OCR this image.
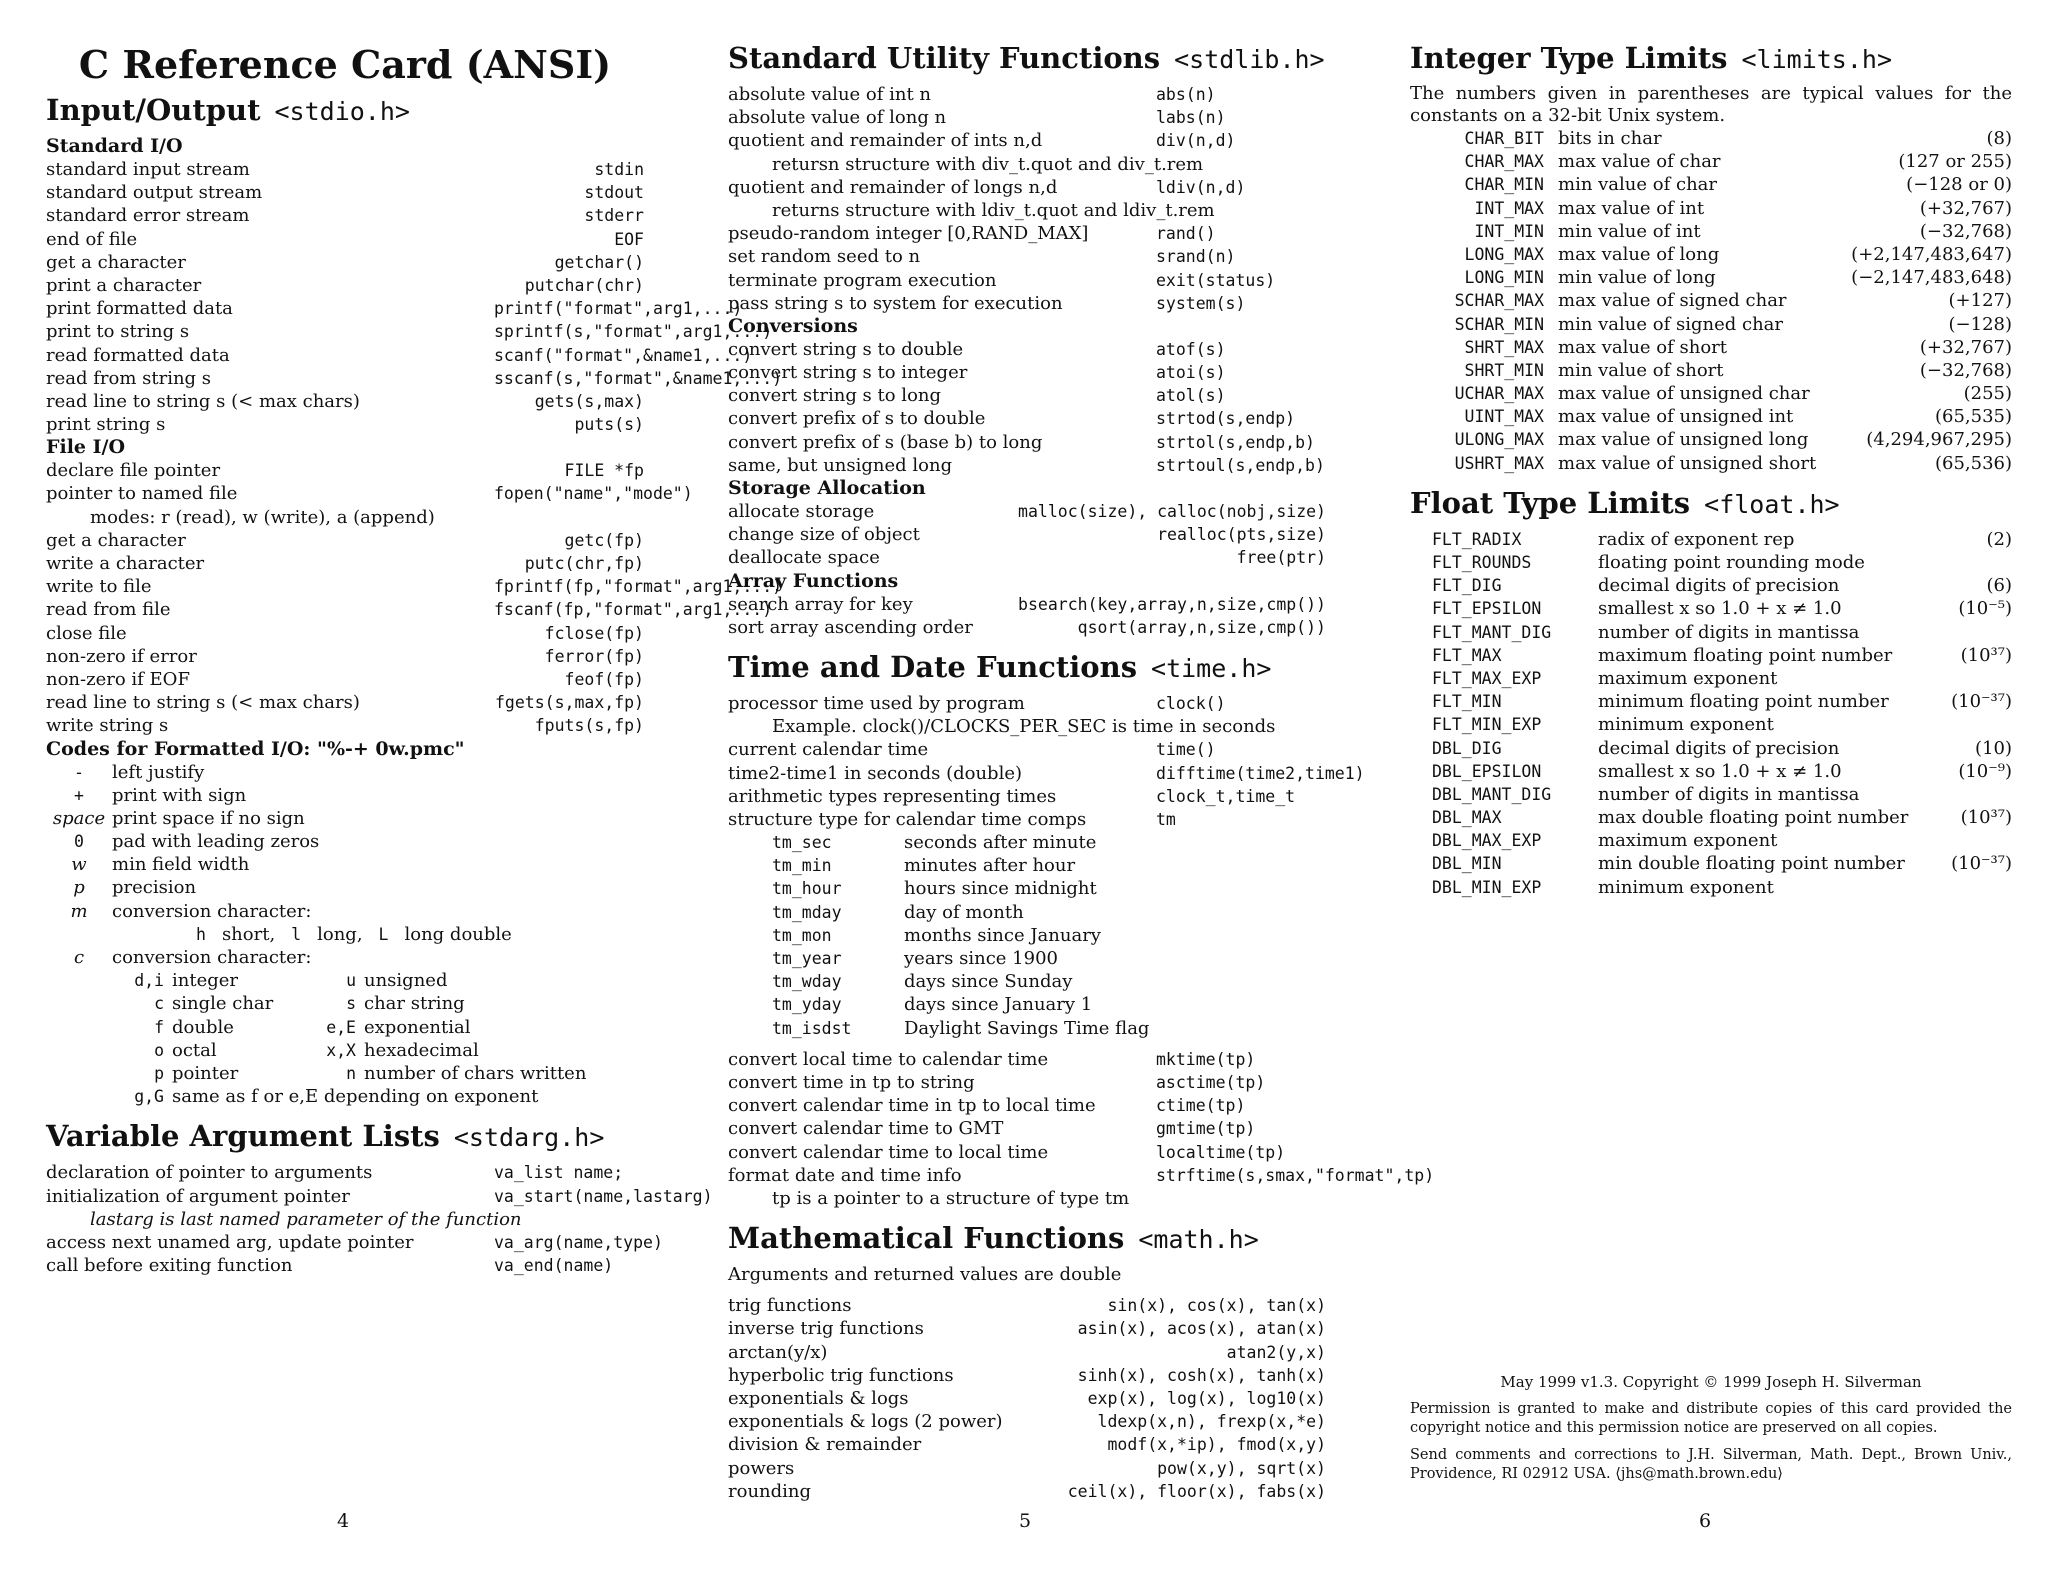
C Reference Card (ANSI)
Input/Output <stdio.h>
Standard I/O
standard input stream	stdin
standard output stream	stdout
standard error stream	stderr
end of file	EOF
get a character	getchar()
print a character	putchar(chr)
print formatted data	printf("format",arg1,...)
print to string s	sprintf(s,"format",arg1,...)
read formatted data	scanf("format",&name1,...)
read from string s	sscanf(s,"format",&name1,...)
read line to string s (< max chars)	gets(s,max)
print string s	puts(s)
File I/O
declare file pointer	FILE *fp
pointer to named file	fopen("name","mode")
modes: r (read), w (write), a (append)
get a character	getc(fp)
write a character	putc(chr,fp)
write to file	fprintf(fp,"format",arg1,...)
read from file	fscanf(fp,"format",arg1,...)
close file	fclose(fp)
non-zero if error	ferror(fp)
non-zero if EOF	feof(fp)
read line to string s (< max chars)	fgets(s,max,fp)
write string s	fputs(s,fp)
Codes for Formatted I/O: "%-+ 0w.pmc"
-	left justify
+	print with sign
space print space if no sign
0	pad with leading zeros
w	min field width
p	precision
m	conversion character:
h short, l long, L long double
c	conversion character:
d,i integer	u unsigned
c single char	s char string
f double	e,E exponential
o octal	x,X hexadecimal
p pointer	n number of chars written
g,G same as f or e,E depending on exponent
Variable Argument Lists <stdarg.h>
declaration of pointer to arguments	va_list name;
initialization of argument pointer	va_start(name,lastarg)
lastarg is last named parameter of the function
access next unamed arg, update pointer	va_arg(name,type)
call before exiting function	va_end(name)
Standard Utility Functions <stdlib.h>
absolute value of int n	abs(n)
absolute value of long n	labs(n)
quotient and remainder of ints n,d	div(n,d)
retursn structure with div_t.quot and div_t.rem
quotient and remainder of longs n,d	ldiv(n,d)
returns structure with ldiv_t.quot and ldiv_t.rem
pseudo-random integer [0,RAND_MAX]	rand()
set random seed to n	srand(n)
terminate program execution	exit(status)
pass string s to system for execution	system(s)
Conversions
convert string s to double	atof(s)
convert string s to integer	atoi(s)
convert string s to long	atol(s)
convert prefix of s to double	strtod(s,endp)
convert prefix of s (base b) to long	strtol(s,endp,b)
same, but unsigned long	strtoul(s,endp,b)
Storage Allocation
allocate storage	malloc(size), calloc(nobj,size)
change size of object	realloc(pts,size)
deallocate space	free(ptr)
Array Functions
search array for key	bsearch(key,array,n,size,cmp())
sort array ascending order	qsort(array,n,size,cmp())
Time and Date Functions <time.h>
processor time used by program	clock()
Example. clock()/CLOCKS_PER_SEC is time in seconds
current calendar time	time()
time2-time1 in seconds (double)	difftime(time2,time1)
arithmetic types representing times	clock_t,time_t
structure type for calendar time comps	tm
tm_sec	seconds after minute
tm_min	minutes after hour
tm_hour	hours since midnight
tm_mday	day of month
tm_mon	months since January
tm_year	years since 1900
tm_wday	days since Sunday
tm_yday	days since January 1
tm_isdst	Daylight Savings Time flag
convert local time to calendar time	mktime(tp)
convert time in tp to string	asctime(tp)
convert calendar time in tp to local time	ctime(tp)
convert calendar time to GMT	gmtime(tp)
convert calendar time to local time	localtime(tp)
format date and time info	strftime(s,smax,"format",tp)
tp is a pointer to a structure of type tm
Mathematical Functions <math.h>
Arguments and returned values are double
trig functions	sin(x), cos(x), tan(x)
inverse trig functions	asin(x), acos(x), atan(x)
arctan(y/x)	atan2(y,x)
hyperbolic trig functions	sinh(x), cosh(x), tanh(x)
exponentials & logs	exp(x), log(x), log10(x)
exponentials & logs (2 power)	ldexp(x,n), frexp(x,*e)
division & remainder	modf(x,*ip), fmod(x,y)
powers	pow(x,y), sqrt(x)
rounding	ceil(x), floor(x), fabs(x)
Integer Type Limits <limits.h>
The numbers given in parentheses are typical values for the constants on a 32-bit Unix system.
CHAR_BIT bits in char	(8)
CHAR_MAX max value of char	(127 or 255)
CHAR_MIN min value of char	(−128 or 0)
INT_MAX max value of int	(+32,767)
INT_MIN min value of int	(−32,768)
LONG_MAX max value of long	(+2,147,483,647)
LONG_MIN min value of long	(−2,147,483,648)
SCHAR_MAX max value of signed char	(+127)
SCHAR_MIN min value of signed char	(−128)
SHRT_MAX max value of short	(+32,767)
SHRT_MIN min value of short	(−32,768)
UCHAR_MAX max value of unsigned char	(255)
UINT_MAX max value of unsigned int	(65,535)
ULONG_MAX max value of unsigned long	(4,294,967,295)
USHRT_MAX max value of unsigned short	(65,536)
Float Type Limits <float.h>
FLT_RADIX	radix of exponent rep	(2)
FLT_ROUNDS	floating point rounding mode
FLT_DIG	decimal digits of precision	(6)
FLT_EPSILON	smallest x so 1.0 + x ≠ 1.0	(10⁻⁵)
FLT_MANT_DIG	number of digits in mantissa
FLT_MAX	maximum floating point number	(10³⁷)
FLT_MAX_EXP	maximum exponent
FLT_MIN	minimum floating point number	(10⁻³⁷)
FLT_MIN_EXP	minimum exponent
DBL_DIG	decimal digits of precision	(10)
DBL_EPSILON	smallest x so 1.0 + x ≠ 1.0	(10⁻⁹)
DBL_MANT_DIG	number of digits in mantissa
DBL_MAX	max double floating point number	(10³⁷)
DBL_MAX_EXP	maximum exponent
DBL_MIN	min double floating point number	(10⁻³⁷)
DBL_MIN_EXP	minimum exponent
May 1999 v1.3. Copyright © 1999 Joseph H. Silverman
Permission is granted to make and distribute copies of this card provided the copyright notice and this permission notice are preserved on all copies.
Send comments and corrections to J.H. Silverman, Math. Dept., Brown Univ., Providence, RI 02912 USA. ⟨jhs@math.brown.edu⟩
4	5	6
